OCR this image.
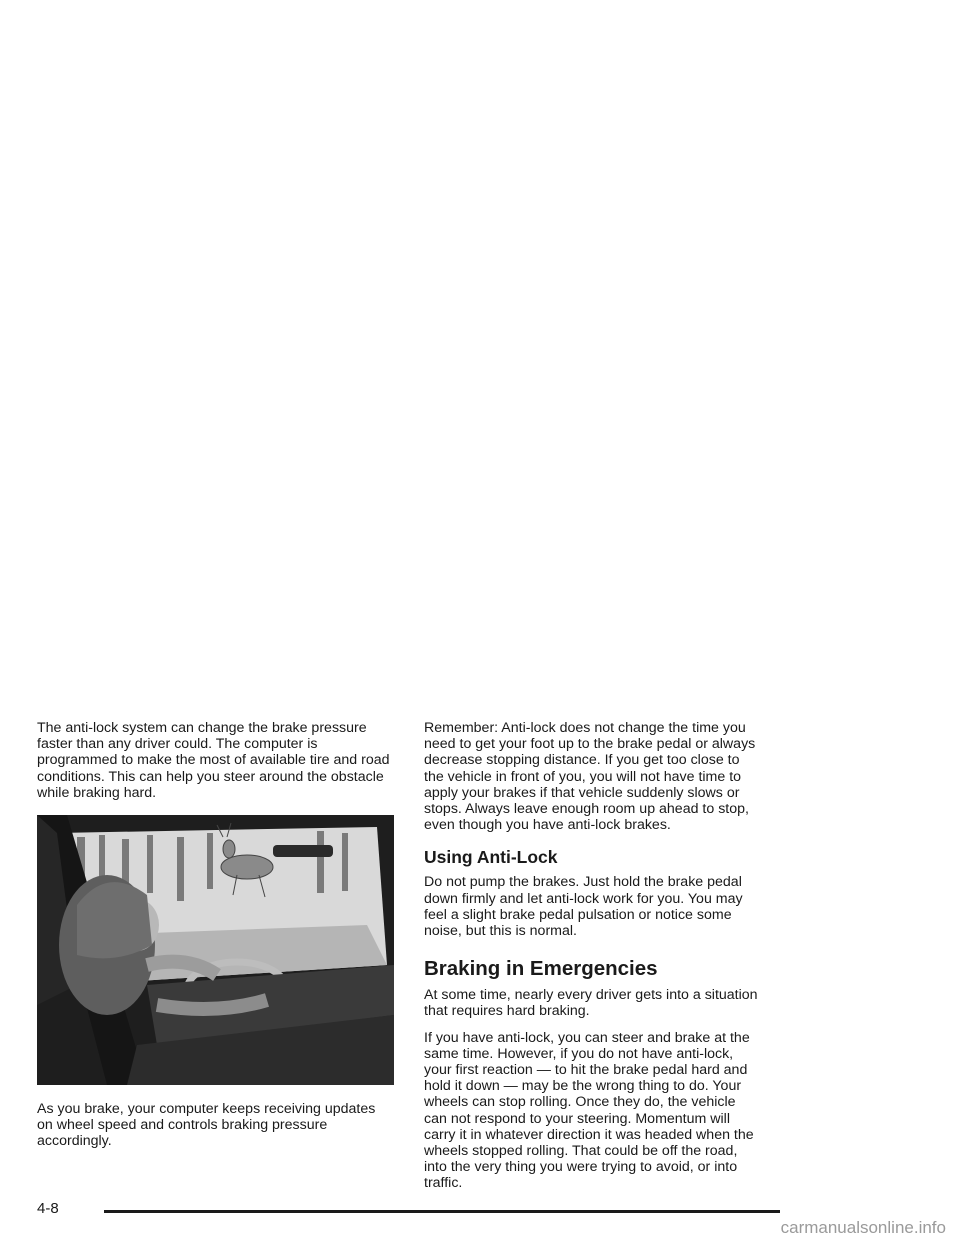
The anti-lock system can change the brake pressure faster than any driver could. The computer is programmed to make the most of available tire and road conditions. This can help you steer around the obstacle while braking hard.

As you brake, your computer keeps receiving updates on wheel speed and controls braking pressure accordingly.

Remember: Anti-lock does not change the time you need to get your foot up to the brake pedal or always decrease stopping distance. If you get too close to the vehicle in front of you, you will not have time to apply your brakes if that vehicle suddenly slows or stops. Always leave enough room up ahead to stop, even though you have anti-lock brakes.

Using Anti-Lock

Do not pump the brakes. Just hold the brake pedal down firmly and let anti-lock work for you. You may feel a slight brake pedal pulsation or notice some noise, but this is normal.

Braking in Emergencies

At some time, nearly every driver gets into a situation that requires hard braking.

If you have anti-lock, you can steer and brake at the same time. However, if you do not have anti-lock, your first reaction — to hit the brake pedal hard and hold it down — may be the wrong thing to do. Your wheels can stop rolling. Once they do, the vehicle can not respond to your steering. Momentum will carry it in whatever direction it was headed when the wheels stopped rolling. That could be off the road, into the very thing you were trying to avoid, or into traffic.

4-8
carmanualsonline.info
